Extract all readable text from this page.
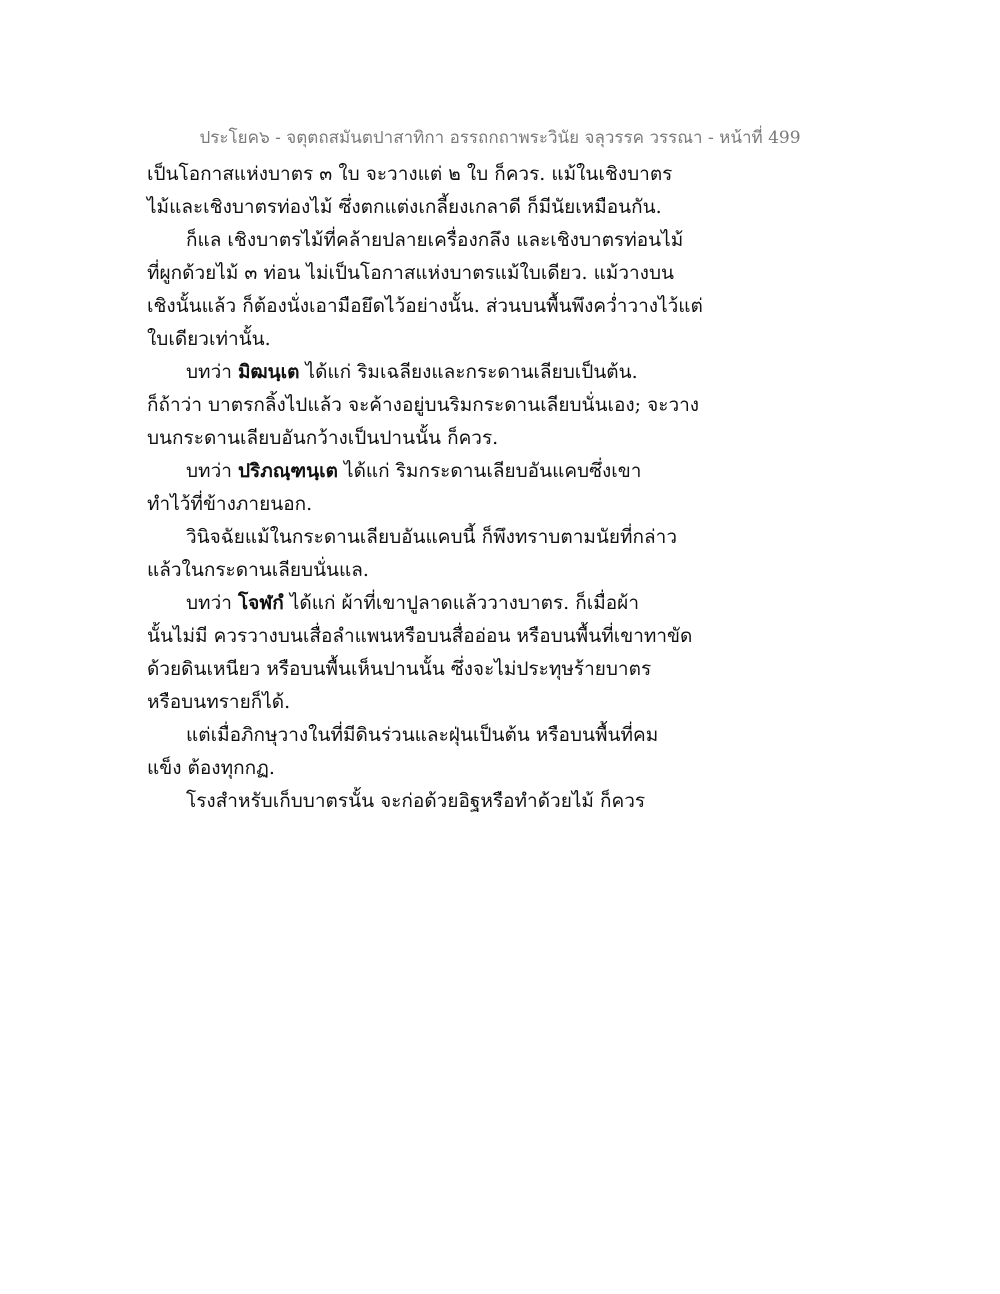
ประโยค๖ - จตุตถสมันตปาสาทิกา อรรถกถาพระวินัย จลุวรรค วรรณา - หน้าที่ 499

เป็นโอกาสแห่งบาตร ๓ ใบ จะวางแต่ ๒ ใบ ก็ควร. แม้ในเชิงบาตร
ไม้และเชิงบาตรท่องไม้ ซึ่งตกแต่งเกลี้ยงเกลาดี ก็มีนัยเหมือนกัน.

ก็แล เชิงบาตรไม้ที่คล้ายปลายเครื่องกลึง และเชิงบาตรท่อนไม้
ที่ผูกด้วยไม้ ๓ ท่อน ไม่เป็นโอกาสแห่งบาตรแม้ใบเดียว. แม้วางบน
เชิงนั้นแล้ว ก็ต้องนั่งเอามือยึดไว้อย่างนั้น. ส่วนบนพื้นพึงคว่ำวางไว้แต่
ใบเดียวเท่านั้น.

บทว่า มิฒนฺเต ได้แก่ ริมเฉลียงและกระดานเลียบเป็นต้น.
ก็ถ้าว่า บาตรกลิ้งไปแล้ว จะค้างอยู่บนริมกระดานเลียบนั่นเอง; จะวาง
บนกระดานเลียบอันกว้างเป็นปานนั้น ก็ควร.

บทว่า ปริภณฺฑนฺเต ได้แก่ ริมกระดานเลียบอันแคบซึ่งเขา
ทำไว้ที่ข้างภายนอก.

วินิจฉัยแม้ในกระดานเลียบอันแคบนี้ ก็พึงทราบตามนัยที่กล่าว
แล้วในกระดานเลียบนั่นแล.

บทว่า โจฬกํ ได้แก่ ผ้าที่เขาปูลาดแล้ววางบาตร. ก็เมื่อผ้า
นั้นไม่มี ควรวางบนเสื่อลำแพนหรือบนสื่ออ่อน หรือบนพื้นที่เขาทาขัด
ด้วยดินเหนียว หรือบนพื้นเห็นปานนั้น ซึ่งจะไม่ประทุษร้ายบาตร
หรือบนทรายก็ได้.

แต่เมื่อภิกษุวางในที่มีดินร่วนและฝุ่นเป็นต้น หรือบนพื้นที่คม
แข็ง ต้องทุกกฏ.

โรงสำหรับเก็บบาตรนั้น จะก่อด้วยอิฐหรือทำด้วยไม้ ก็ควร
